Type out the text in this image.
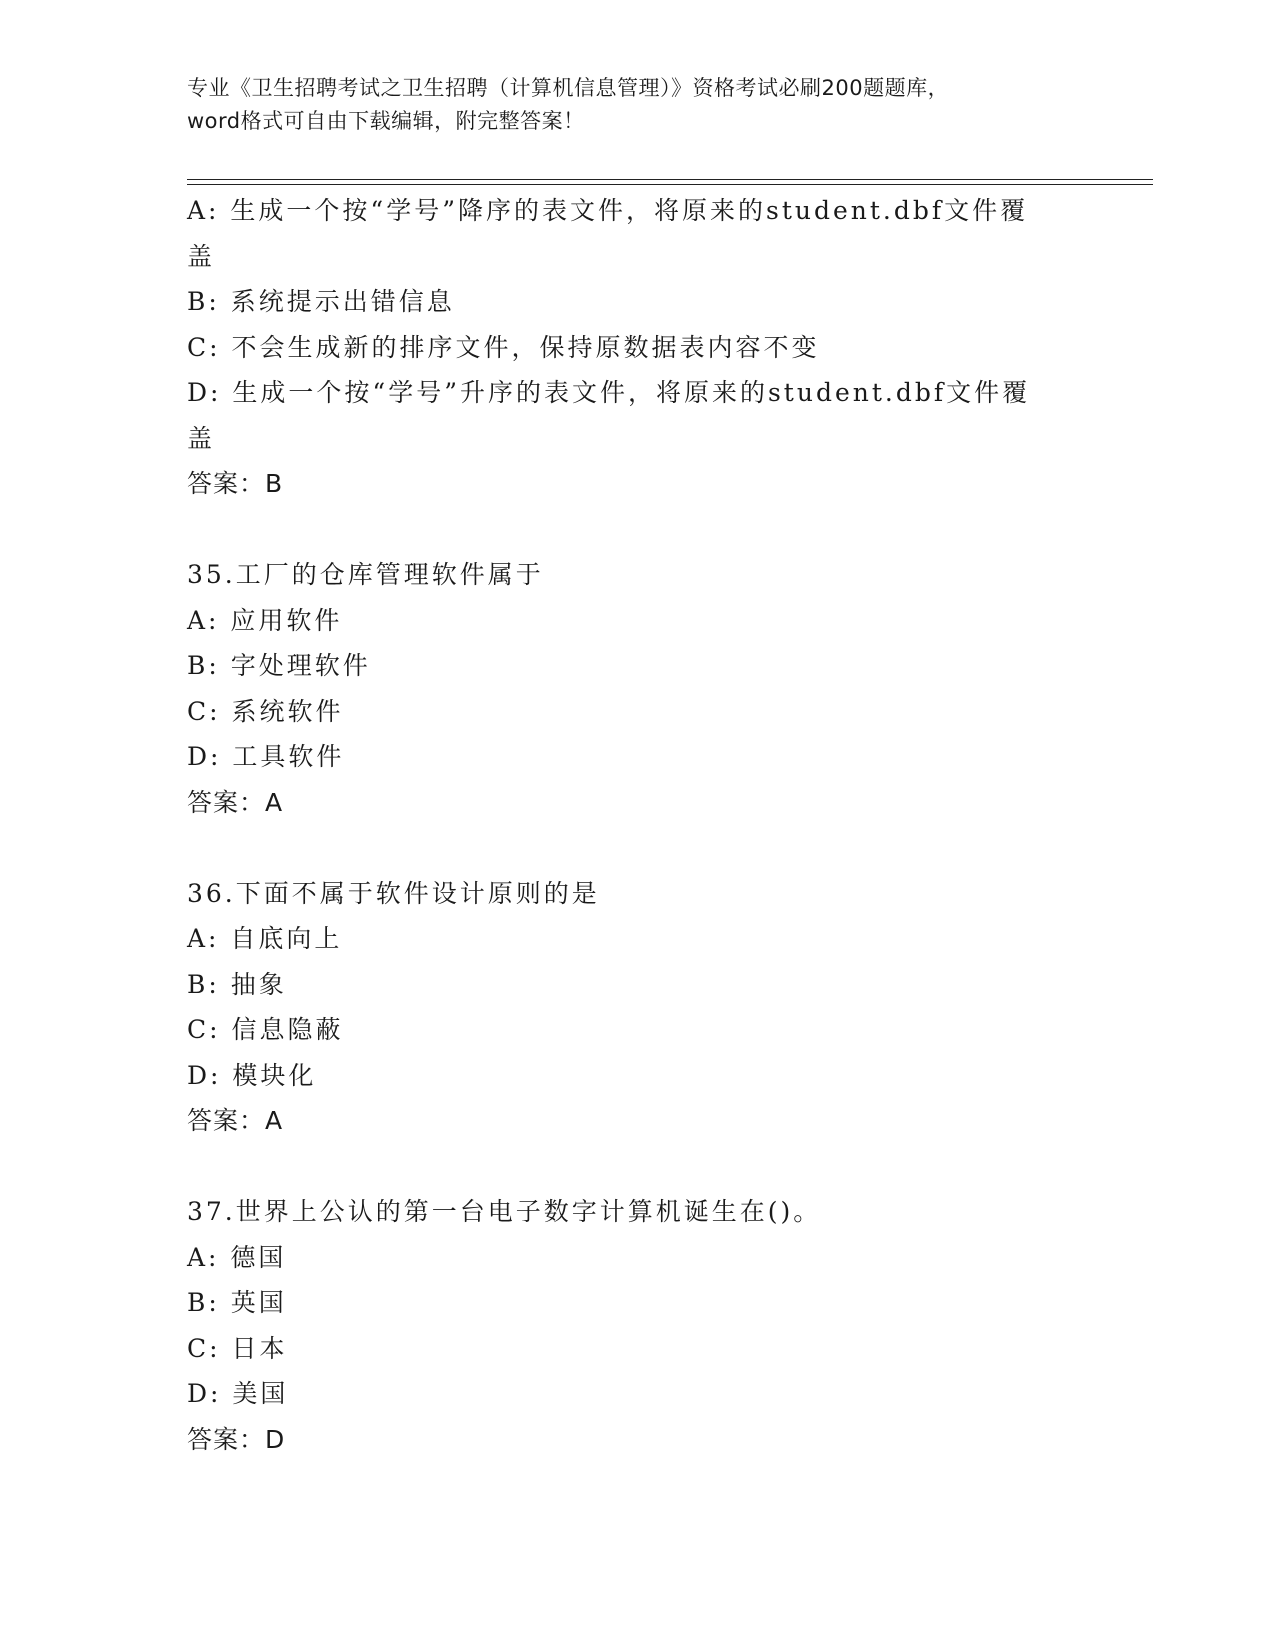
专业《卫生招聘考试之卫生招聘（计算机信息管理）》资格考试必刷200题题库，
word格式可自由下载编辑，附完整答案！
A: 生成一个按“学号”降序的表文件，将原来的student.dbf文件覆
盖
B: 系统提示出错信息
C: 不会生成新的排序文件，保持原数据表内容不变
D: 生成一个按“学号”升序的表文件，将原来的student.dbf文件覆
盖
答案：B
35.工厂的仓库管理软件属于
A: 应用软件
B: 字处理软件
C: 系统软件
D: 工具软件
答案：A
36.下面不属于软件设计原则的是
A: 自底向上
B: 抽象
C: 信息隐蔽
D: 模块化
答案：A
37.世界上公认的第一台电子数字计算机诞生在()。
A: 德国
B: 英国
C: 日本
D: 美国
答案：D
